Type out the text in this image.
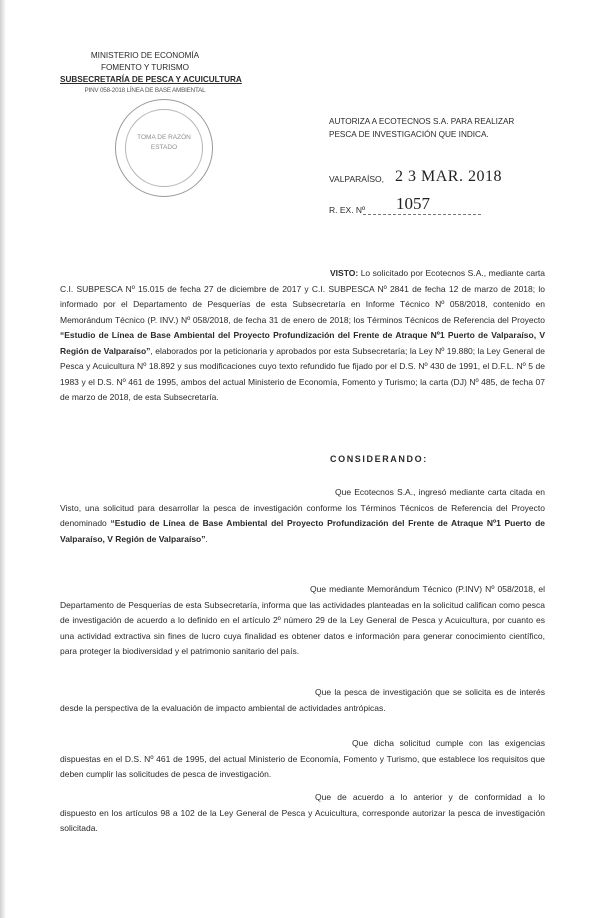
MINISTERIO DE ECONOMÍA
FOMENTO Y TURISMO
SUBSECRETARÍA DE PESCA Y ACUICULTURA
PINV 058-2018 LÍNEA DE BASE AMBIENTAL
TOMA DE RAZÓN
ESTADO
AUTORIZA A ECOTECNOS S.A. PARA REALIZAR
PESCA DE INVESTIGACIÓN QUE INDICA.
VALPARAÍSO, 2 3 MAR. 2018
R. EX. Nº 1057
VISTO: Lo solicitado por Ecotecnos S.A., mediante carta C.I. SUBPESCA Nº 15.015 de fecha 27 de diciembre de 2017 y C.I. SUBPESCA Nº 2841 de fecha 12 de marzo de 2018; lo informado por el Departamento de Pesquerías de esta Subsecretaría en Informe Técnico Nº 058/2018, contenido en Memorándum Técnico (P. INV.) Nº 058/2018, de fecha 31 de enero de 2018; los Términos Técnicos de Referencia del Proyecto “Estudio de Línea de Base Ambiental del Proyecto Profundización del Frente de Atraque Nº1 Puerto de Valparaíso, V Región de Valparaíso”, elaborados por la peticionaria y aprobados por esta Subsecretaría; la Ley Nº 19.880; la Ley General de Pesca y Acuicultura Nº 18.892 y sus modificaciones cuyo texto refundido fue fijado por el D.S. Nº 430 de 1991, el D.F.L. Nº 5 de 1983 y el D.S. Nº 461 de 1995, ambos del actual Ministerio de Economía, Fomento y Turismo; la carta (DJ) Nº 485, de fecha 07 de marzo de 2018, de esta Subsecretaría.
CONSIDERANDO:
Que Ecotecnos S.A., ingresó mediante carta citada en Visto, una solicitud para desarrollar la pesca de investigación conforme los Términos Técnicos de Referencia del Proyecto denominado “Estudio de Línea de Base Ambiental del Proyecto Profundización del Frente de Atraque Nº1 Puerto de Valparaíso, V Región de Valparaíso”.
Que mediante Memorándum Técnico (P.INV) Nº 058/2018, el Departamento de Pesquerías de esta Subsecretaría, informa que las actividades planteadas en la solicitud califican como pesca de investigación de acuerdo a lo definido en el artículo 2º número 29 de la Ley General de Pesca y Acuicultura, por cuanto es una actividad extractiva sin fines de lucro cuya finalidad es obtener datos e información para generar conocimiento científico, para proteger la biodiversidad y el patrimonio sanitario del país.
Que la pesca de investigación que se solicita es de interés desde la perspectiva de la evaluación de impacto ambiental de actividades antrópicas.
Que dicha solicitud cumple con las exigencias dispuestas en el D.S. Nº 461 de 1995, del actual Ministerio de Economía, Fomento y Turismo, que establece los requisitos que deben cumplir las solicitudes de pesca de investigación.
Que de acuerdo a lo anterior y de conformidad a lo dispuesto en los artículos 98 a 102 de la Ley General de Pesca y Acuicultura, corresponde autorizar la pesca de investigación solicitada.
